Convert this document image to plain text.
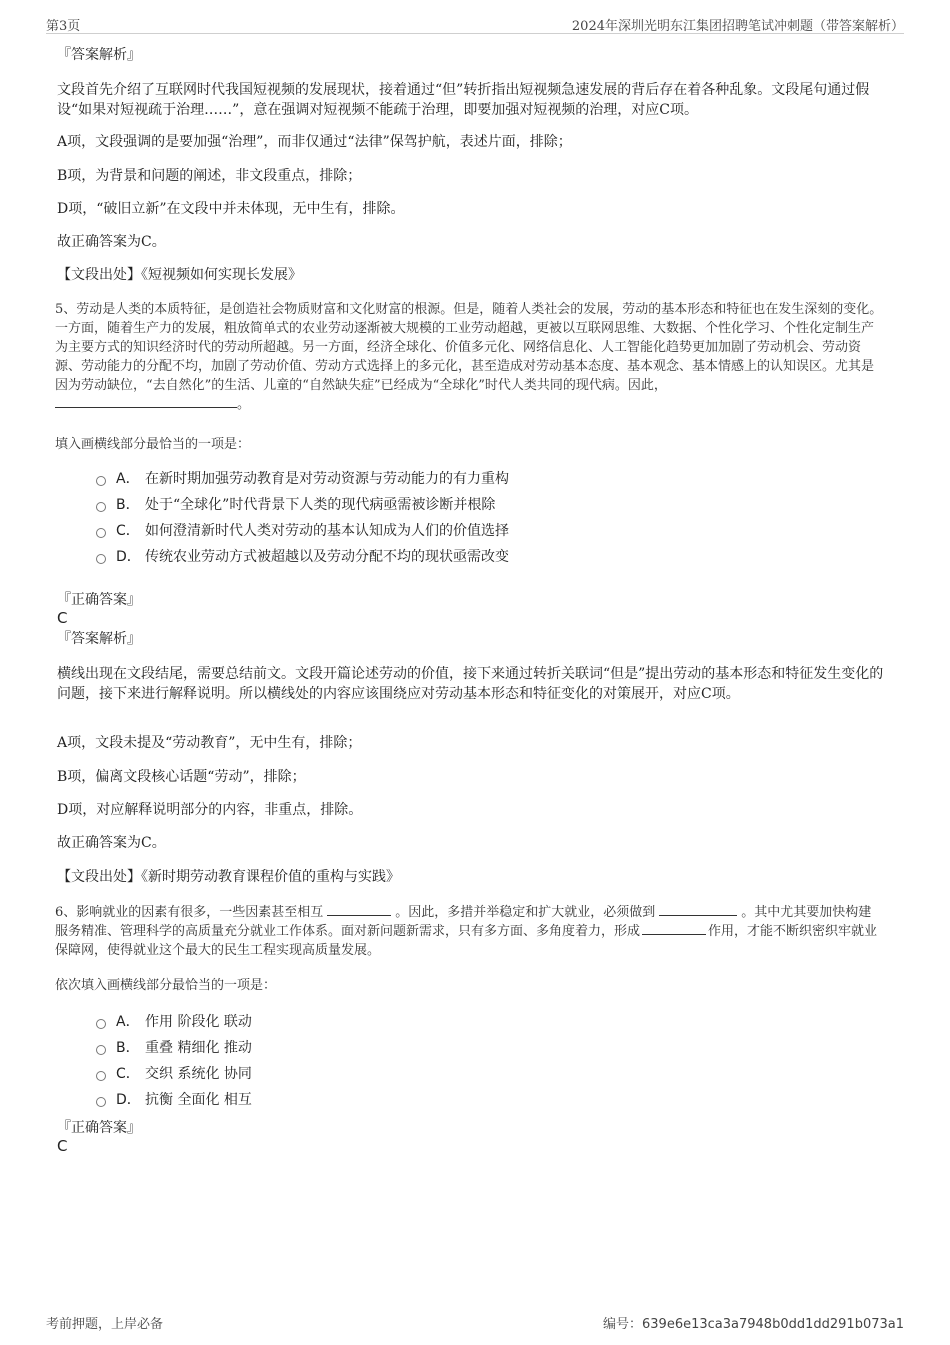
第3页	2024年深圳光明东江集团招聘笔试冲刺题（带答案解析）
『答案解析』
文段首先介绍了互联网时代我国短视频的发展现状，接着通过“但”转折指出短视频急速发展的背后存在着各种乱象。文段尾句通过假设“如果对短视疏于治理……”，意在强调对短视频不能疏于治理，即要加强对短视频的治理，对应C项。
A项，文段强调的是要加强“治理”，而非仅通过“法律”保驾护航，表述片面，排除；
B项，为背景和问题的阐述，非文段重点，排除；
D项，“破旧立新”在文段中并未体现，无中生有，排除。
故正确答案为C。
【文段出处】《短视频如何实现长发展》
5、劳动是人类的本质特征，是创造社会物质财富和文化财富的根源。但是，随着人类社会的发展，劳动的基本形态和特征也在发生深刻的变化。一方面，随着生产力的发展，粗放简单式的农业劳动逐渐被大规模的工业劳动超越，更被以互联网思维、大数据、个性化学习、个性化定制生产为主要方式的知识经济时代的劳动所超越。另一方面，经济全球化、价值多元化、网络信息化、人工智能化趋势更加加剧了劳动机会、劳动资源、劳动能力的分配不均，加剧了劳动价值、劳动方式选择上的多元化，甚至造成对劳动基本态度、基本观念、基本情感上的认知误区。尤其是因为劳动缺位，“去自然化”的生活、儿童的“自然缺失症”已经成为“全球化”时代人类共同的现代病。因此，
。
填入画横线部分最恰当的一项是：
A． 在新时期加强劳动教育是对劳动资源与劳动能力的有力重构
B． 处于“全球化”时代背景下人类的现代病亟需被诊断并根除
C． 如何澄清新时代人类对劳动的基本认知成为人们的价值选择
D． 传统农业劳动方式被超越以及劳动分配不均的现状亟需改变
『正确答案』
C
『答案解析』
横线出现在文段结尾，需要总结前文。文段开篇论述劳动的价值，接下来通过转折关联词“但是”提出劳动的基本形态和特征发生变化的问题，接下来进行解释说明。所以横线处的内容应该围绕应对劳动基本形态和特征变化的对策展开，对应C项。
A项，文段未提及“劳动教育”，无中生有，排除；
B项，偏离文段核心话题“劳动”，排除；
D项，对应解释说明部分的内容，非重点，排除。
故正确答案为C。
【文段出处】《新时期劳动教育课程价值的重构与实践》
6、影响就业的因素有很多，一些因素甚至相互	。因此，多措并举稳定和扩大就业，必须做到	。其中尤其要加快构建服务精准、管理科学的高质量充分就业工作体系。面对新问题新需求，只有多方面、多角度着力，形成	作用，才能不断织密织牢就业保障网，使得就业这个最大的民生工程实现高质量发展。
依次填入画横线部分最恰当的一项是：
A． 作用 阶段化 联动
B． 重叠 精细化 推动
C． 交织 系统化 协同
D． 抗衡 全面化 相互
『正确答案』
C
考前押题，上岸必备	编号：639e6e13ca3a7948b0dd1dd291b073a1
